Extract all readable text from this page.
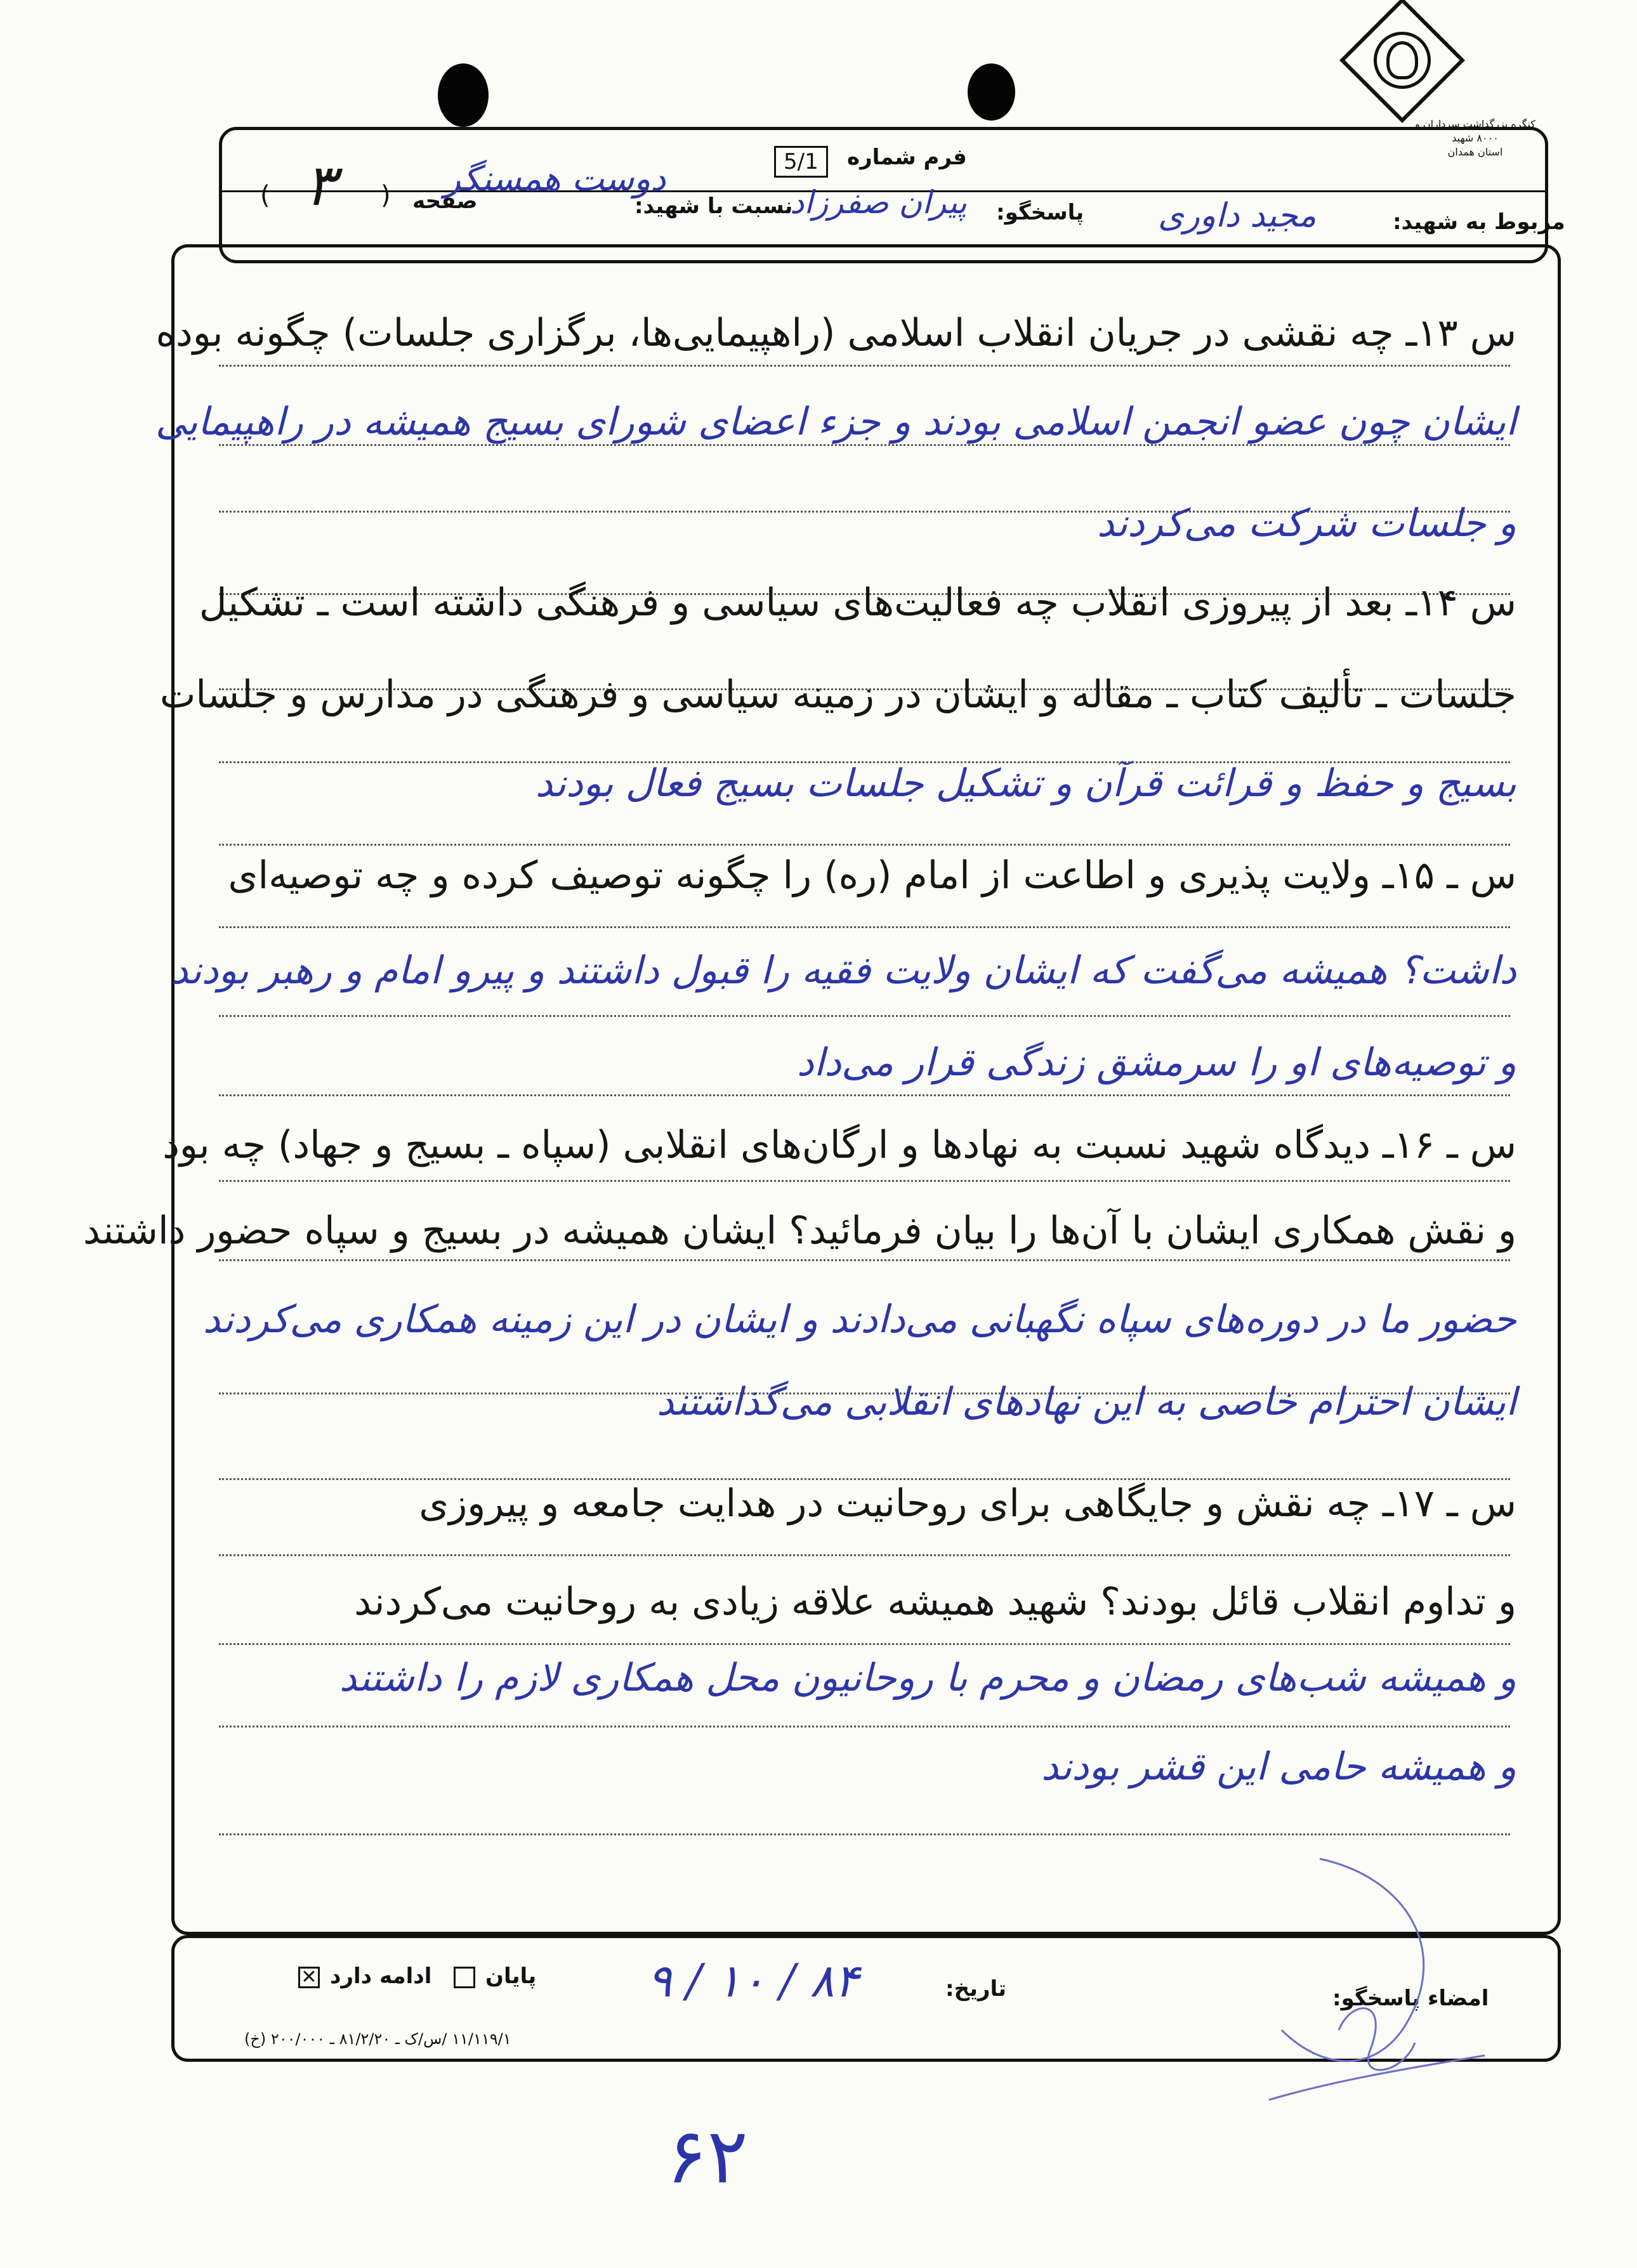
کنگره بزرگداشت سرداران و ۸۰۰۰ شهید
استان همدان
فرم شماره
5/1
صفحه
( ۳ )
مربوط به شهید:
مجید داوری
پاسخگو:
پیران صفرزاد
نسبت با شهید:
دوست همسنگر
س ۱۳ـ چه نقشی در جریان انقلاب اسلامی (راهپیمایی‌ها، برگزاری جلسات) چگونه بوده
ایشان چون عضو انجمن اسلامی بودند و جزء اعضای شورای بسیج همیشه در راهپیمایی
و جلسات شرکت می‌کردند
س ۱۴ـ بعد از پیروزی انقلاب چه فعالیت‌های سیاسی و فرهنگی داشته است ـ تشکیل
جلسات ـ تألیف کتاب ـ مقاله و ایشان در زمینه سیاسی و فرهنگی در مدارس و جلسات
بسیج و حفظ و قرائت قرآن و تشکیل جلسات بسیج فعال بودند
س ـ ۱۵ـ ولایت پذیری و اطاعت از امام (ره) را چگونه توصیف کرده و چه توصیه‌ای
داشت؟ همیشه می‌گفت که ایشان ولایت فقیه را قبول داشتند و پیرو امام و رهبر بودند
و توصیه‌های او را سرمشق زندگی قرار می‌داد
س ـ ۱۶ـ دیدگاه شهید نسبت به نهادها و ارگان‌های انقلابی (سپاه ـ بسیج و جهاد) چه بود
و نقش همکاری ایشان با آن‌ها را بیان فرمائید؟ ایشان همیشه در بسیج و سپاه حضور داشتند
حضور ما در دوره‌های سپاه نگهبانی می‌دادند و ایشان در این زمینه همکاری می‌کردند
ایشان احترام خاصی به این نهادهای انقلابی می‌گذاشتند
س ـ ۱۷ـ چه نقش و جایگاهی برای روحانیت در هدایت جامعه و پیروزی
و تداوم انقلاب قائل بودند؟ شهید همیشه علاقه زیادی به روحانیت می‌کردند
و همیشه شب‌های رمضان و محرم با روحانیون محل همکاری لازم را داشتند
و همیشه حامی این قشر بودند
امضاء پاسخگو:
تاریخ:
۸۴ / ۱۰ / ۹
پایان
ادامه دارد
✕
۱۱/۱۱۹/۱ /س/ک ـ ۸۱/۲/۲۰ ـ ۲۰۰/۰۰۰ (خ)
۶۲
